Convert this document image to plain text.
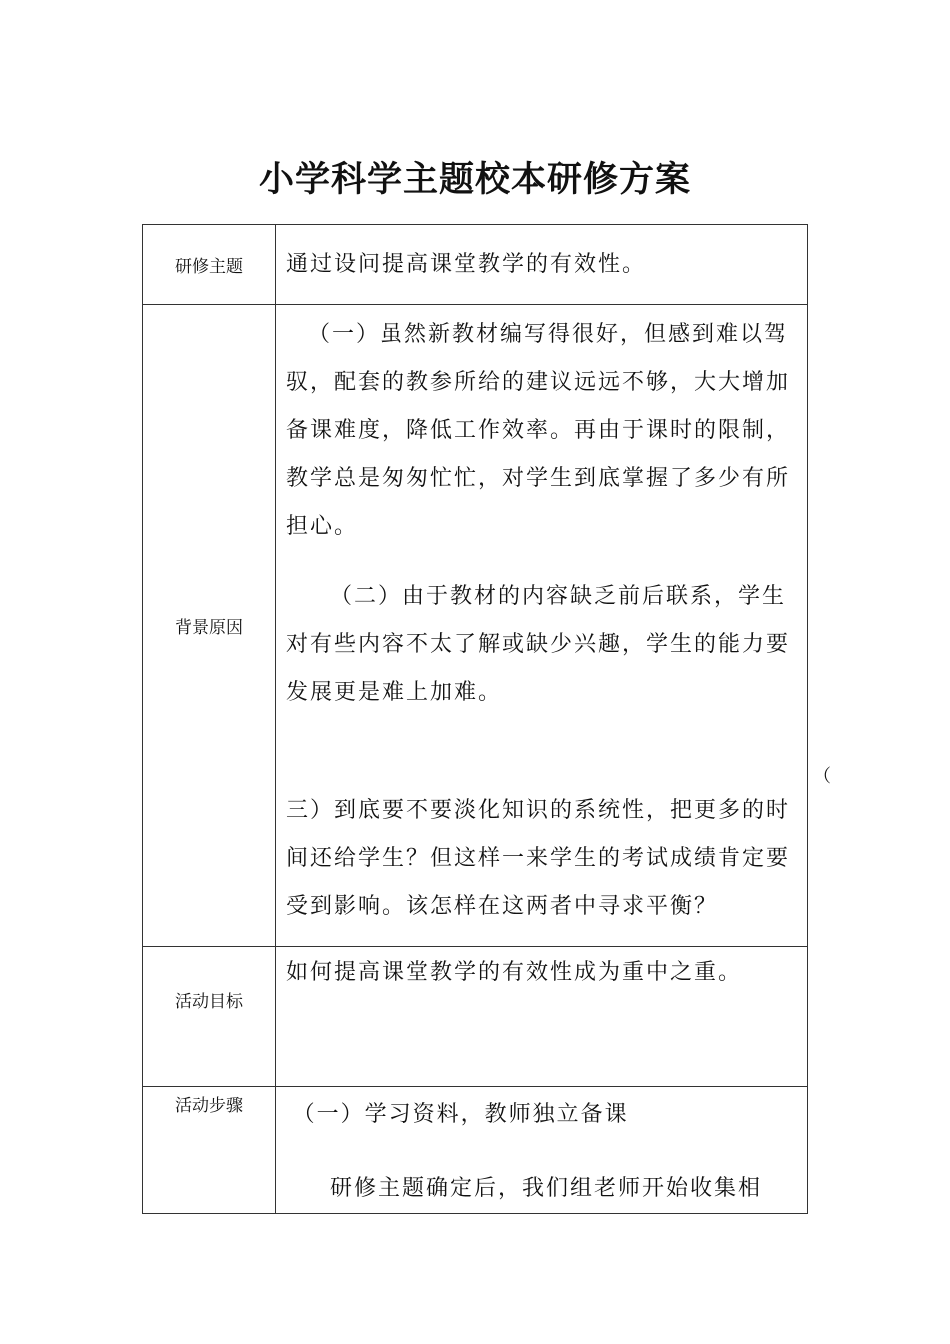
小学科学主题校本研修方案
研修主题	通过设问提高课堂教学的有效性。
背景原因	（一）虽然新教材编写得很好，但感到难以驾驭，配套的教参所给的建议远远不够，大大增加备课难度，降低工作效率。再由于课时的限制，教学总是匆匆忙忙，对学生到底掌握了多少有所担心。

（二）由于教材的内容缺乏前后联系，学生对有些内容不太了解或缺少兴趣，学生的能力要发展更是难上加难。

三）到底要不要淡化知识的系统性，把更多的时间还给学生？但这样一来学生的考试成绩肯定要受到影响。该怎样在这两者中寻求平衡？

活动目标	如何提高课堂教学的有效性成为重中之重。

活动步骤	（一）学习资料，教师独立备课

研修主题确定后，我们组老师开始收集相

（
